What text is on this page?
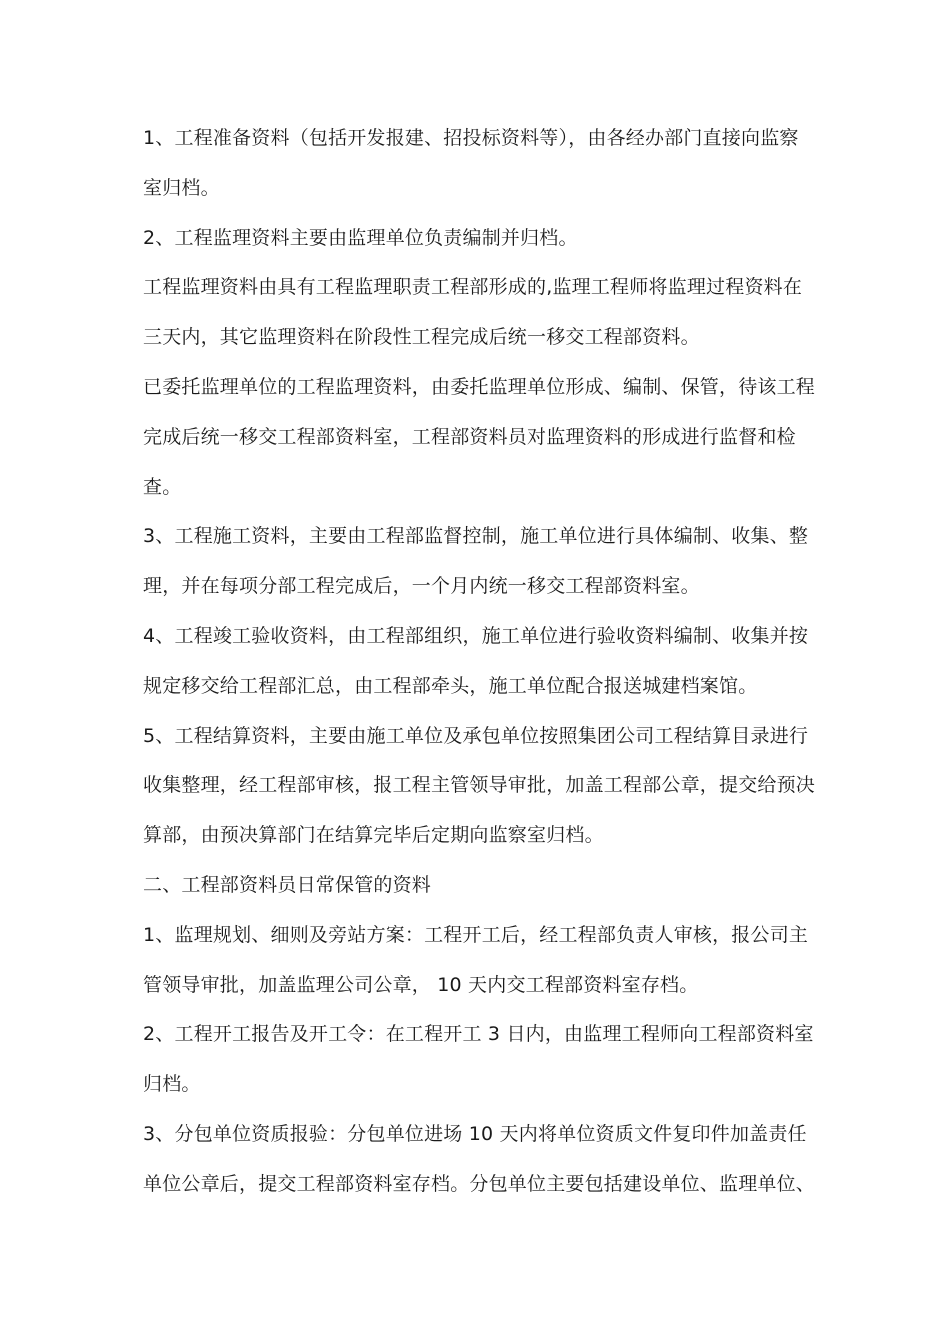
1、工程准备资料（包括开发报建、招投标资料等），由各经办部门直接向监察
室归档。
2、工程监理资料主要由监理单位负责编制并归档。
工程监理资料由具有工程监理职责工程部形成的,监理工程师将监理过程资料在
三天内，其它监理资料在阶段性工程完成后统一移交工程部资料。
已委托监理单位的工程监理资料，由委托监理单位形成、编制、保管，待该工程
完成后统一移交工程部资料室，工程部资料员对监理资料的形成进行监督和检
查。
3、工程施工资料，主要由工程部监督控制，施工单位进行具体编制、收集、整
理，并在每项分部工程完成后，一个月内统一移交工程部资料室。
4、工程竣工验收资料，由工程部组织，施工单位进行验收资料编制、收集并按
规定移交给工程部汇总，由工程部牵头，施工单位配合报送城建档案馆。
5、工程结算资料，主要由施工单位及承包单位按照集团公司工程结算目录进行
收集整理，经工程部审核，报工程主管领导审批，加盖工程部公章，提交给预决
算部，由预决算部门在结算完毕后定期向监察室归档。
二、工程部资料员日常保管的资料
1、监理规划、细则及旁站方案：工程开工后，经工程部负责人审核，报公司主
管领导审批，加盖监理公司公章， 10 天内交工程部资料室存档。
2、工程开工报告及开工令：在工程开工 3 日内，由监理工程师向工程部资料室
归档。
3、分包单位资质报验：分包单位进场 10 天内将单位资质文件复印件加盖责任
单位公章后，提交工程部资料室存档。分包单位主要包括建设单位、监理单位、
